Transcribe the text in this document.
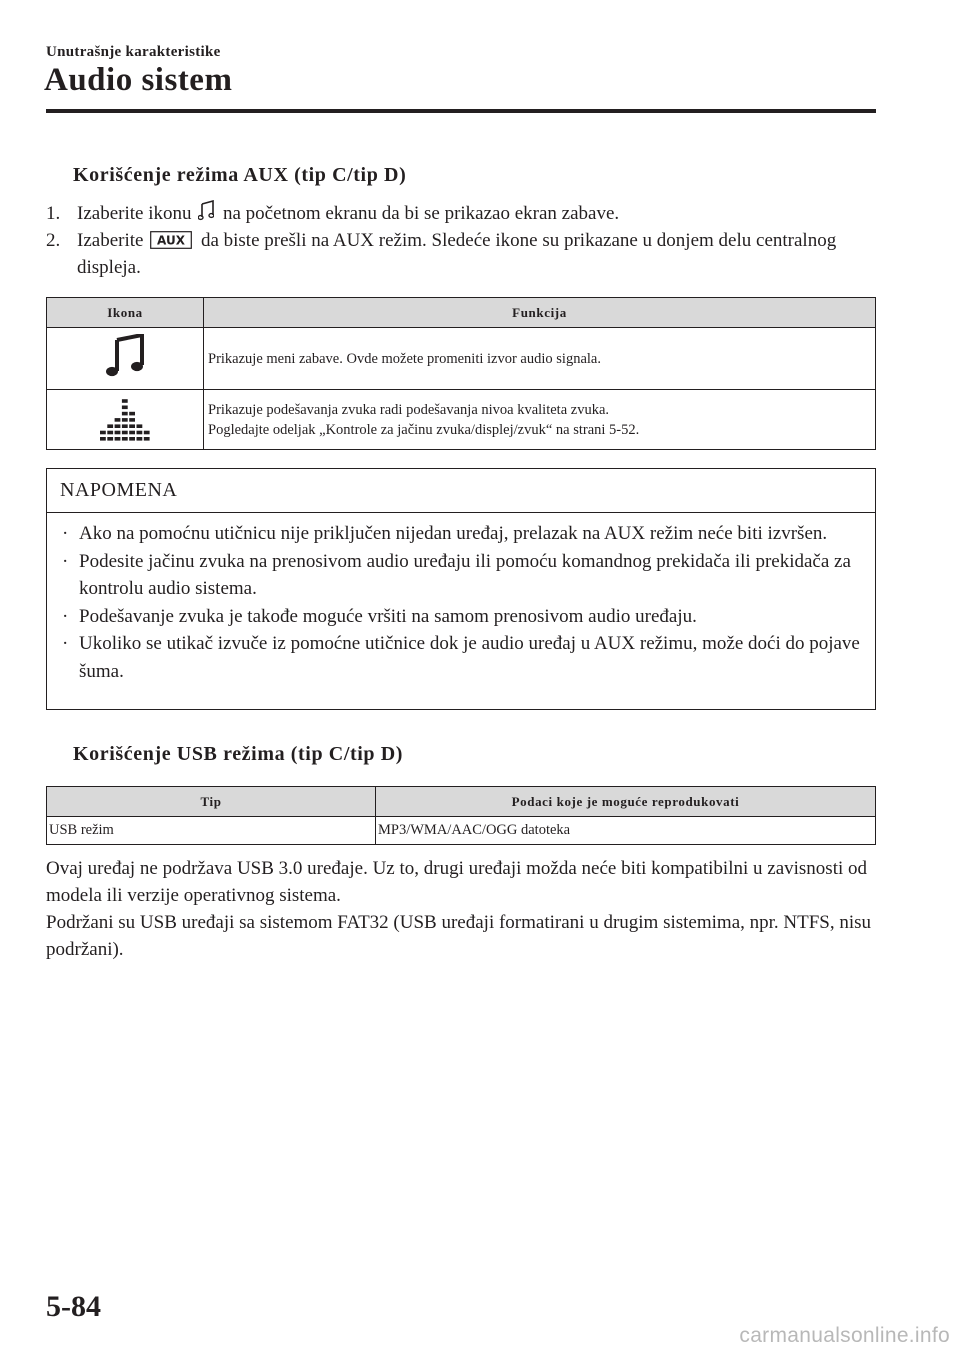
Unutrašnje karakteristike
Audio sistem
Korišćenje režima AUX (tip C/tip D)
1. Izaberite ikonu na početnom ekranu da bi se prikazao ekran zabave.
2. Izaberite AUX da biste prešli na AUX režim. Sledeće ikone su prikazane u donjem delu centralnog displeja.
Ikona	Funkcija

Prikazuje meni zabave. Ovde možete promeniti izvor audio signala.

Prikazuje podešavanja zvuka radi podešavanja nivoa kvaliteta zvuka.
Pogledajte odeljak „Kontrole za jačinu zvuka/displej/zvuk“ na strani 5-52.
NAPOMENA
· Ako na pomoćnu utičnicu nije priključen nijedan uređaj, prelazak na AUX režim neće biti izvršen.
· Podesite jačinu zvuka na prenosivom audio uređaju ili pomoću komandnog prekidača ili prekidača za kontrolu audio sistema.
· Podešavanje zvuka je takođe moguće vršiti na samom prenosivom audio uređaju.
· Ukoliko se utikač izvuče iz pomoćne utičnice dok je audio uređaj u AUX režimu, može doći do pojave šuma.
Korišćenje USB režima (tip C/tip D)
Tip	Podaci koje je moguće reprodukovati
USB režim	MP3/WMA/AAC/OGG datoteka
Ovaj uređaj ne podržava USB 3.0 uređaje. Uz to, drugi uređaji možda neće biti kompatibilni u zavisnosti od modela ili verzije operativnog sistema.
Podržani su USB uređaji sa sistemom FAT32 (USB uređaji formatirani u drugim sistemima, npr. NTFS, nisu podržani).
5-84
carmanualsonline.info
